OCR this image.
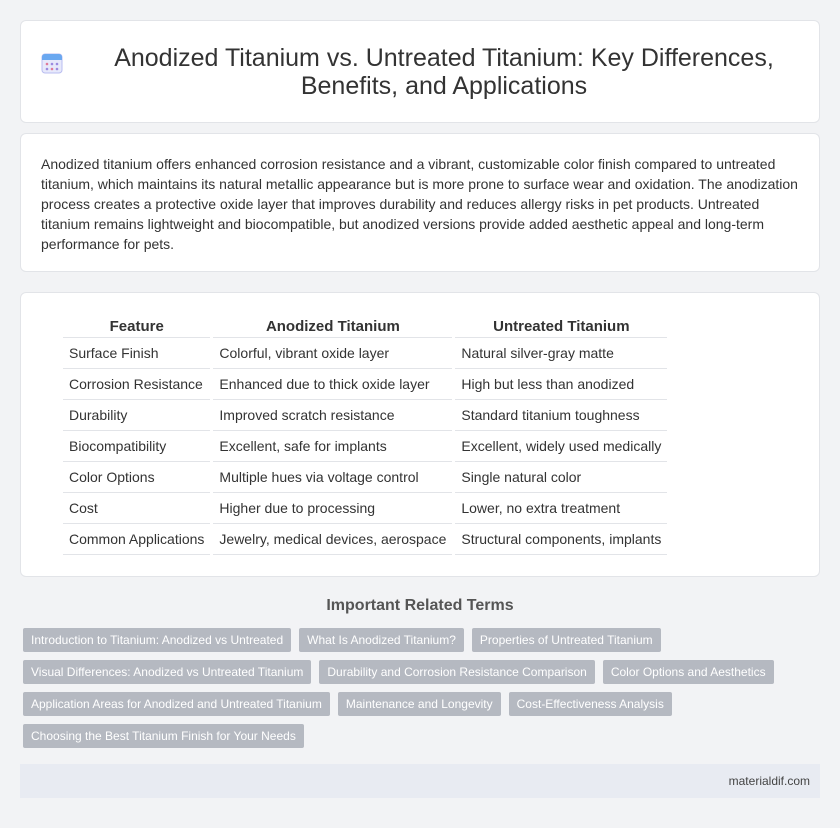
Anodized Titanium vs. Untreated Titanium: Key Differences, Benefits, and Applications

Anodized titanium offers enhanced corrosion resistance and a vibrant, customizable color finish compared to untreated titanium, which maintains its natural metallic appearance but is more prone to surface wear and oxidation. The anodization process creates a protective oxide layer that improves durability and reduces allergy risks in pet products. Untreated titanium remains lightweight and biocompatible, but anodized versions provide added aesthetic appeal and long-term performance for pets.

Feature	Anodized Titanium	Untreated Titanium
Surface Finish	Colorful, vibrant oxide layer	Natural silver-gray matte
Corrosion Resistance	Enhanced due to thick oxide layer	High but less than anodized
Durability	Improved scratch resistance	Standard titanium toughness
Biocompatibility	Excellent, safe for implants	Excellent, widely used medically
Color Options	Multiple hues via voltage control	Single natural color
Cost	Higher due to processing	Lower, no extra treatment
Common Applications	Jewelry, medical devices, aerospace	Structural components, implants
Important Related Terms
Introduction to Titanium: Anodized vs Untreated	What Is Anodized Titanium?	Properties of Untreated Titanium
Visual Differences: Anodized vs Untreated Titanium	Durability and Corrosion Resistance Comparison	Color Options and Aesthetics
Application Areas for Anodized and Untreated Titanium	Maintenance and Longevity	Cost-Effectiveness Analysis
Choosing the Best Titanium Finish for Your Needs
materialdif.com
